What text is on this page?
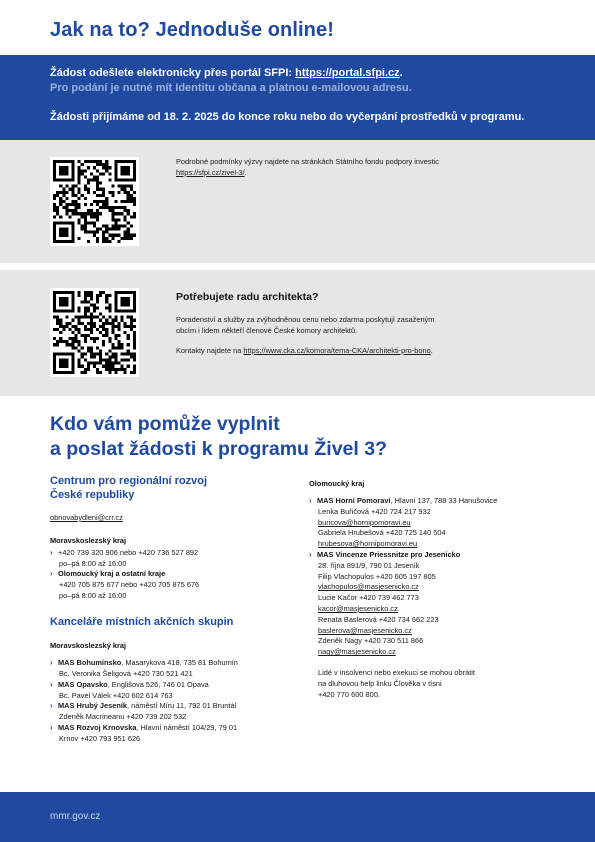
Jak na to? Jednoduše online!
Žádost odešlete elektronicky přes portál SFPI: https://portal.sfpi.cz.
Pro podání je nutné mít Identitu občana a platnou e-mailovou adresu.
Žádosti přijímáme od 18. 2. 2025 do konce roku nebo do vyčerpání prostředků v programu.
Podrobné podmínky výzvy najdete na stránkách Státního fondu podpory investic
https://sfpi.cz/zivel-3/.
Potřebujete radu architekta?
Poradenství a služby za zvýhodněnou cenu nebo zdarma poskytují zasaženým
obcím i lidem někteří členové České komory architektů.
Kontakty najdete na https://www.cka.cz/komora/tema-CKA/architekti-pro-bono.
Kdo vám pomůže vyplnit
a poslat žádosti k programu Živel 3?
Centrum pro regionální rozvoj
České republiky
obnovabydleni@crr.cz
Moravskoslezský kraj
› +420 739 320 906 nebo +420 736 527 892
po–pá 8:00 až 16:00
› Olomoucký kraj a ostatní kraje
+420 705 875 677 nebo +420 705 875 676
po–pá 8:00 až 16:00
Kanceláře místních akčních skupin
Moravskoslezský kraj
› MAS Bohumínsko, Masarykova 418, 735 81 Bohumín
Bc. Veronika Šeligová +420 730 521 421
› MAS Opavsko, Englišova 526, 746 01 Opava
Bc. Pavel Válek +420 602 614 763
› MAS Hrubý Jeseník, náměstí Míru 11, 792 01 Bruntál
Zdeněk Macrineanu +420 739 202 532
› MAS Rozvoj Krnovska, Hlavní náměstí 104/29, 79 01
Krnov +420 793 951 626
Olomoucký kraj
› MAS Horní Pomoraví, Hlavní 137, 788 33 Hanušovice
Lenka Buřičová +420 724 217 932
buricova@hornipomoravi.eu
Gabriela Hrubešová +420 725 140 504
hrubesova@hornipomoravi.eu
› MAS Vincenze Priessnitze pro Jesenicko
28. října 891/9, 790 01 Jeseník
Filip Vlachopulos +420 605 197 805
vlachopulos@masjesenicko.cz
Lucie Kačor +420 739 462 773
kacor@masjesenicko.cz
Renata Baslerová +420 734 662 223
baslerova@masjesenicko.cz
Zdeněk Nagy +420 730 511 866
nagy@masjesenicko.cz
Lidé v insolvenci nebo exekuci se mohou obrátit
na dluhovou help linku Člověka v tísni
+420 770 600 800.
mmr.gov.cz
